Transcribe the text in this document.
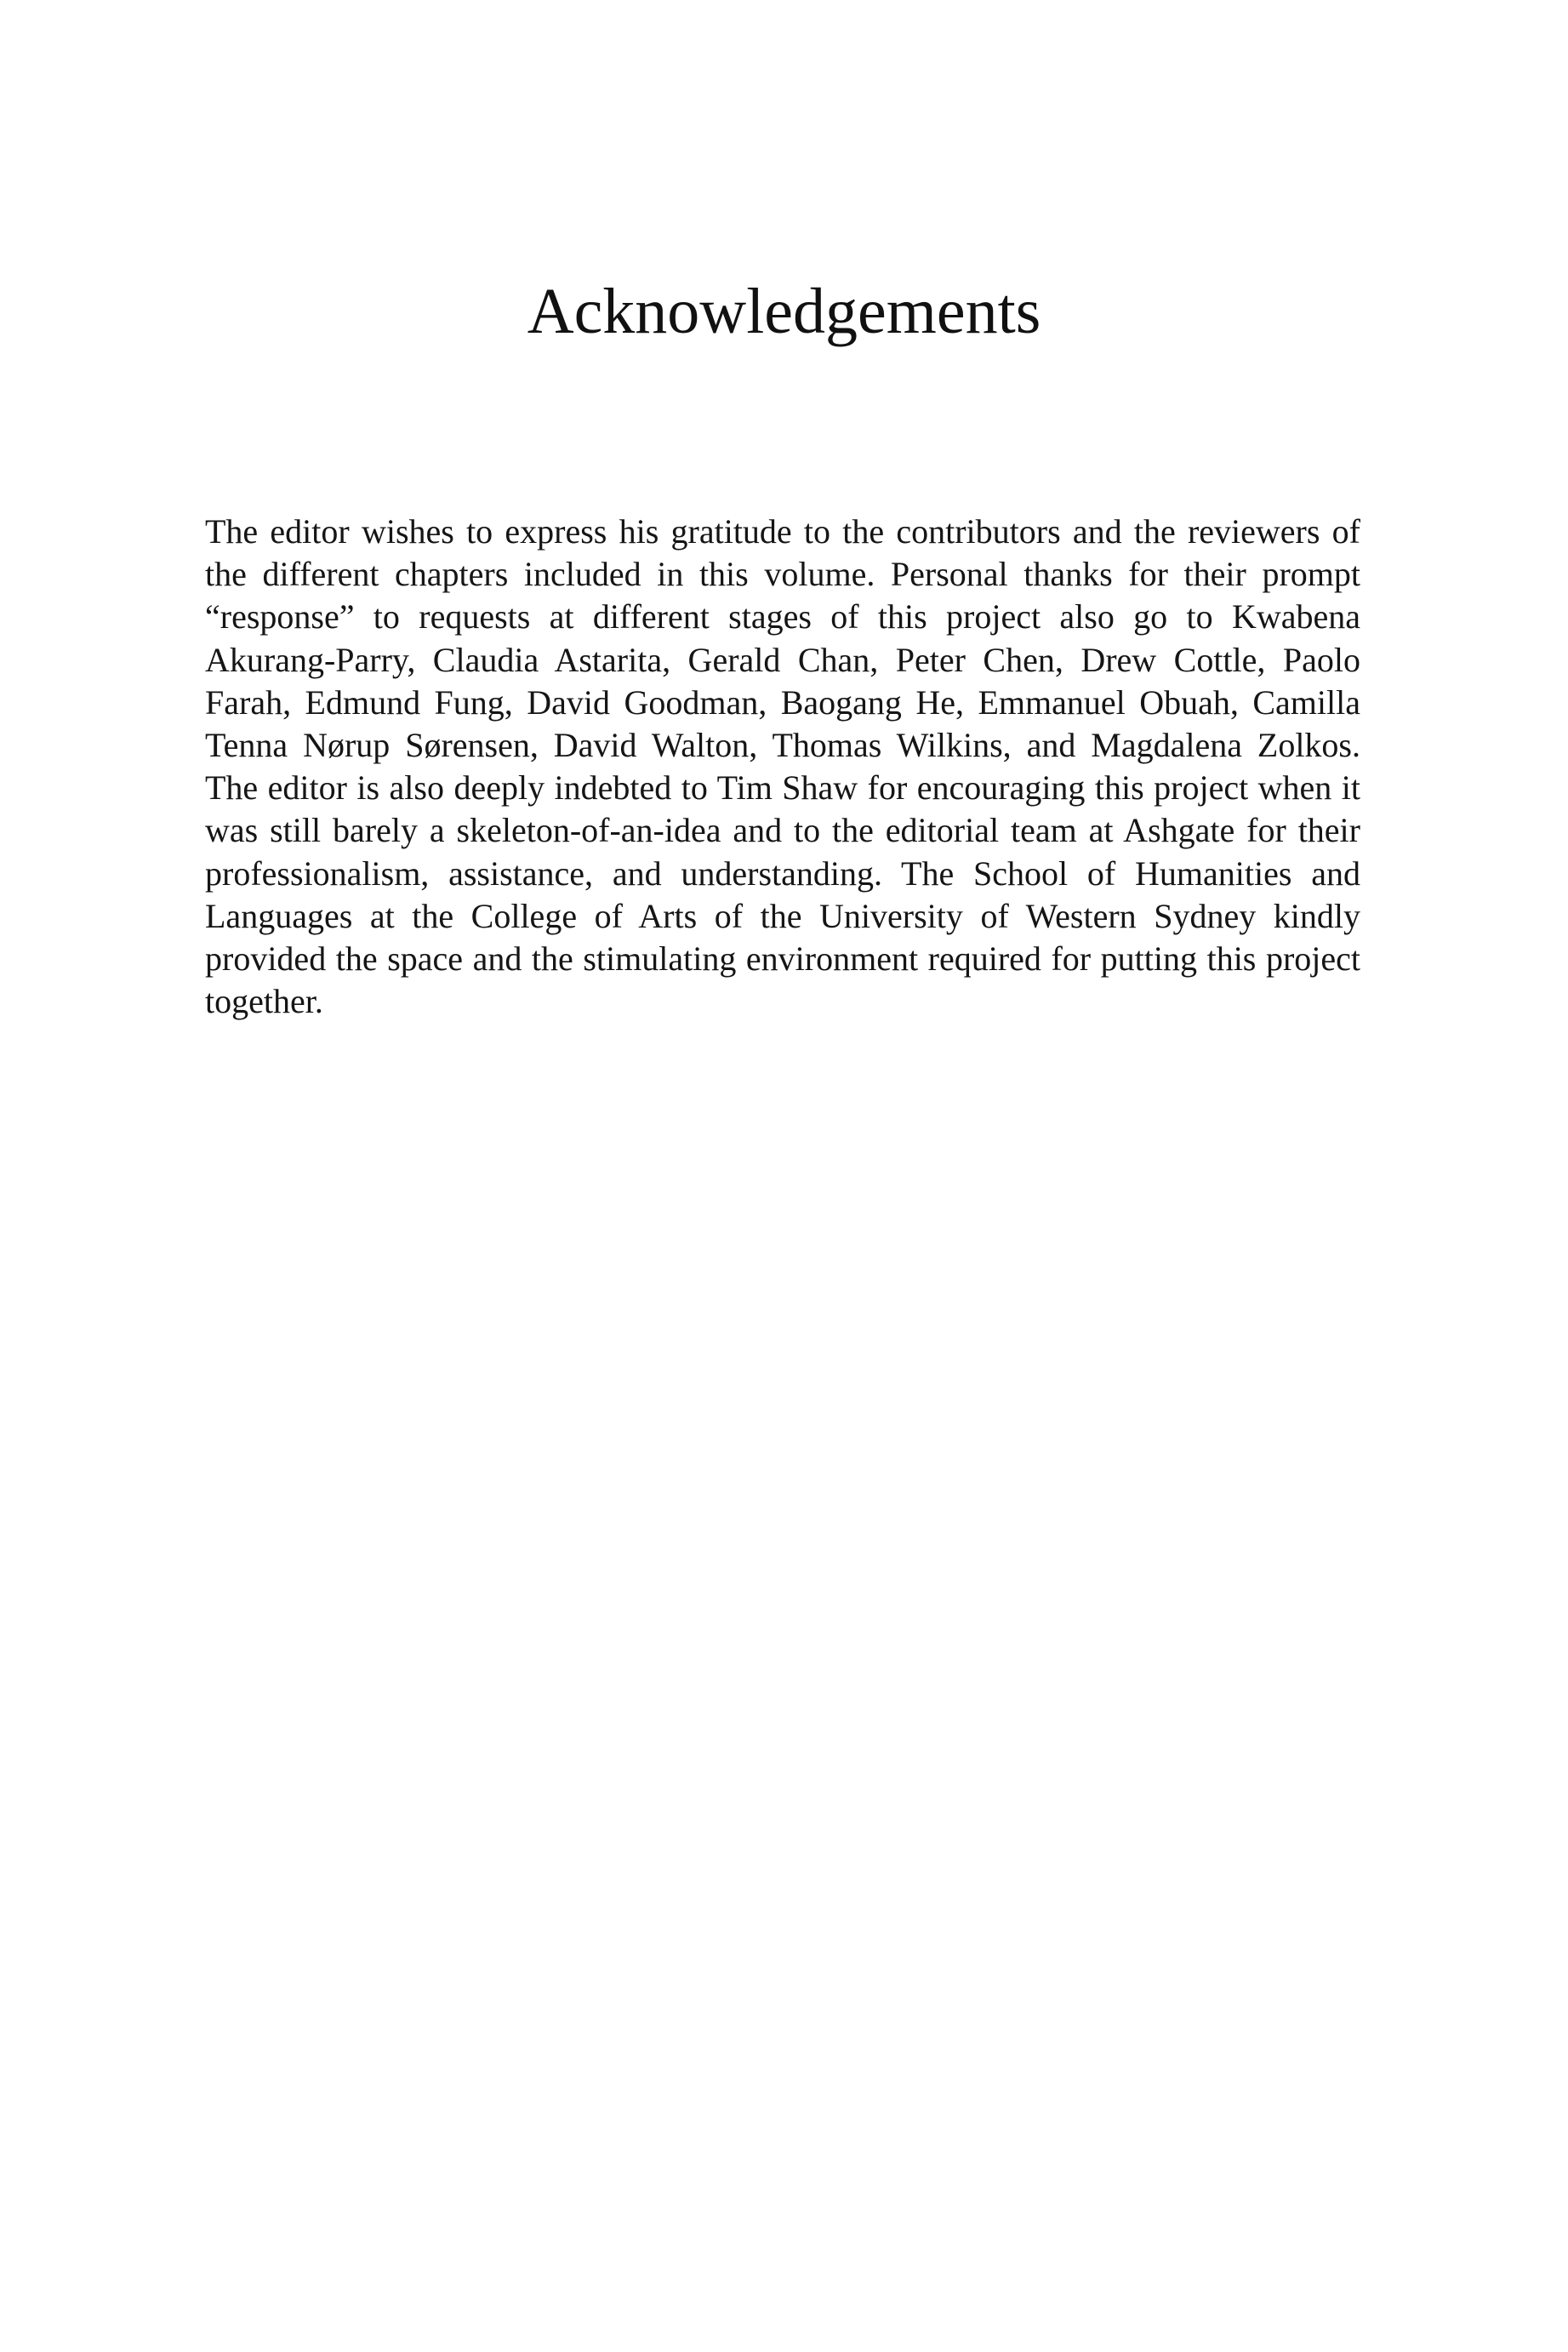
Acknowledgements

The editor wishes to express his gratitude to the contributors and the reviewers of the different chapters included in this volume. Personal thanks for their prompt “response” to requests at different stages of this project also go to Kwabena Akurang-Parry, Claudia Astarita, Gerald Chan, Peter Chen, Drew Cottle, Paolo Farah, Edmund Fung, David Goodman, Baogang He, Emmanuel Obuah, Camilla Tenna Nørup Sørensen, David Walton, Thomas Wilkins, and Magdalena Zolkos. The editor is also deeply indebted to Tim Shaw for encouraging this project when it was still barely a skeleton-of-an-idea and to the editorial team at Ashgate for their professionalism, assistance, and understanding. The School of Humanities and Languages at the College of Arts of the University of Western Sydney kindly provided the space and the stimulating environment required for putting this project together.
